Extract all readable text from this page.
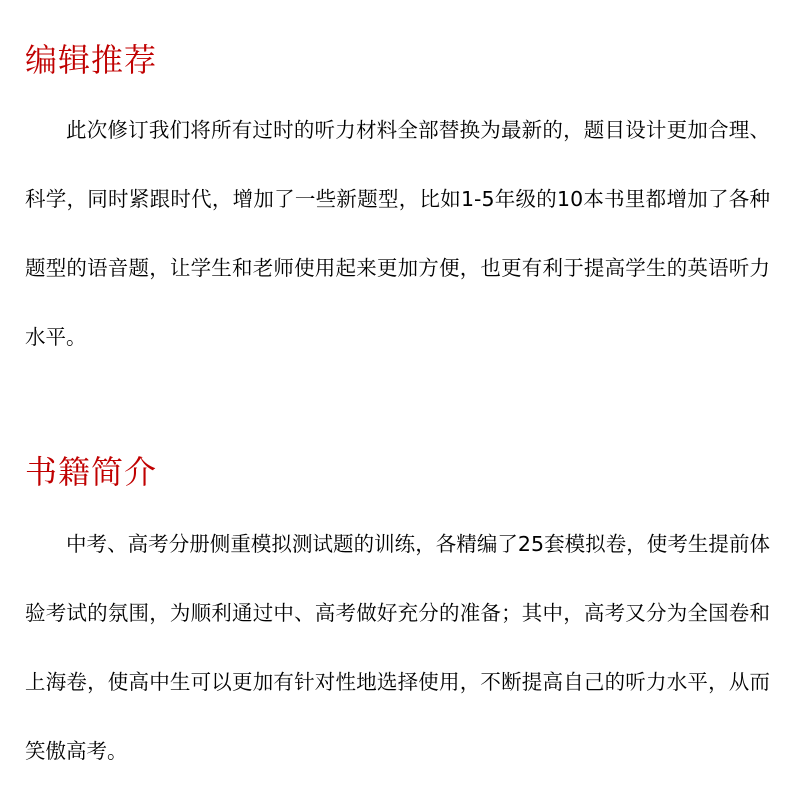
编辑推荐

此次修订我们将所有过时的听力材料全部替换为最新的，题目设计更加合理、科学，同时紧跟时代，增加了一些新题型，比如1-5年级的10本书里都增加了各种题型的语音题，让学生和老师使用起来更加方便，也更有利于提高学生的英语听力水平。

书籍简介

中考、高考分册侧重模拟测试题的训练，各精编了25套模拟卷，使考生提前体验考试的氛围，为顺利通过中、高考做好充分的准备；其中，高考又分为全国卷和上海卷，使高中生可以更加有针对性地选择使用，不断提高自己的听力水平，从而笑傲高考。
